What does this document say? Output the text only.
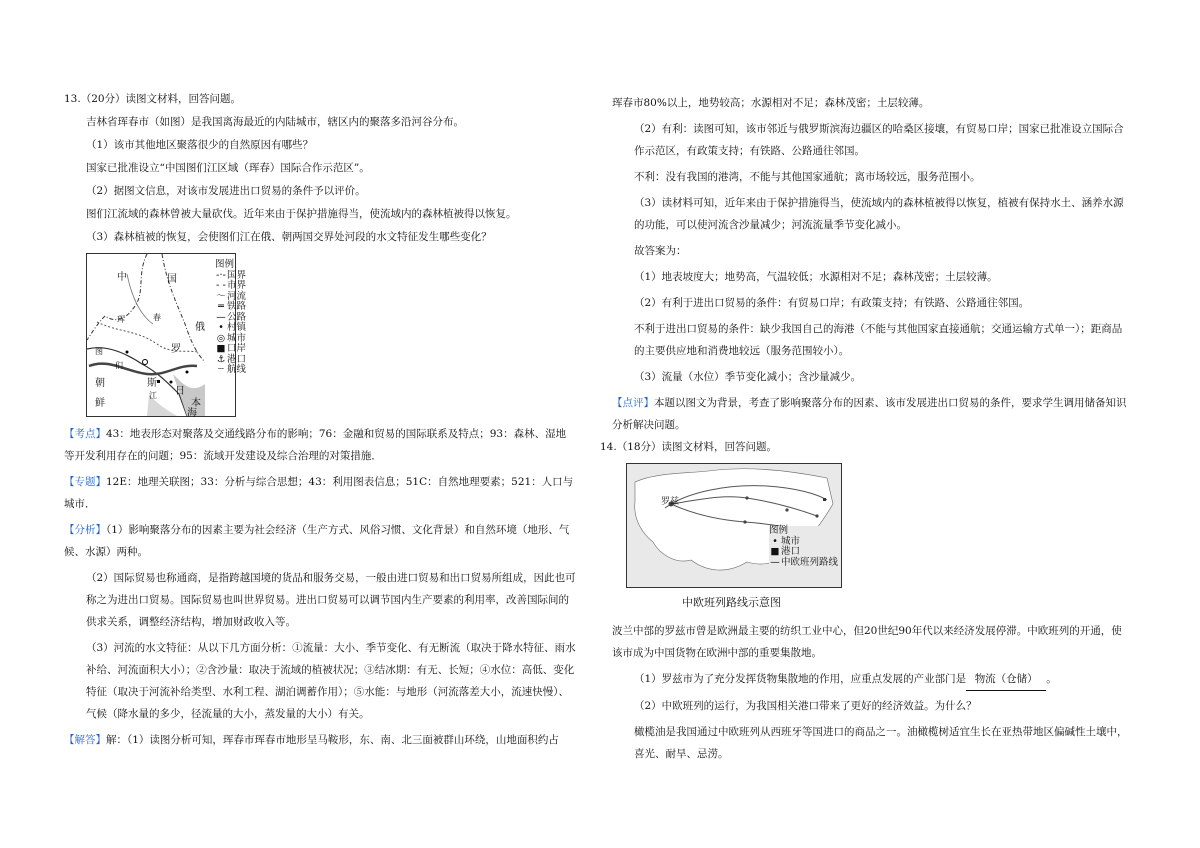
13.（20分）读图文材料，回答问题。

吉林省珲春市（如图）是我国离海最近的内陆城市，辖区内的聚落多沿河谷分布。

（1）该市其他地区聚落很少的自然原因有哪些？

国家已批准设立“中国图们江区域（珲春）国际合作示范区”。

（2）据图文信息，对该市发展进出口贸易的条件予以评价。

图们江流域的森林曾被大量砍伐。近年来由于保护措施得当，使流域内的森林植被得以恢复。

（3）森林植被的恢复，会使图们江在俄、朝两国交界处河段的水文特征发生哪些变化？

中	国
俄
罗
斯
朝
鲜
日
本
海
珲	春
图
江
们
图例
-·-国界
- -市界
～河流
═ 铁路
—公路
• 村镇
◎ 城市
■ 口岸
⚓ 港口
┄ 航线

【考点】43：地表形态对聚落及交通线路分布的影响；76：金融和贸易的国际联系及特点；93：森林、湿地等开发利用存在的问题；95：流域开发建设及综合治理的对策措施．

【专题】12E：地理关联图；33：分析与综合思想；43：利用图表信息；51C：自然地理要素；521：人口与城市．

【分析】（1）影响聚落分布的因素主要为社会经济（生产方式、风俗习惯、文化背景）和自然环境（地形、气候、水源）两种。

（2）国际贸易也称通商，是指跨越国境的货品和服务交易，一般由进口贸易和出口贸易所组成，因此也可称之为进出口贸易。国际贸易也叫世界贸易。进出口贸易可以调节国内生产要素的利用率，改善国际间的供求关系，调整经济结构，增加财政收入等。

（3）河流的水文特征：从以下几方面分析：①流量：大小、季节变化、有无断流（取决于降水特征、雨水补给、河流面积大小）；②含沙量：取决于流域的植被状况；③结冰期：有无、长短；④水位：高低、变化特征（取决于河流补给类型、水利工程、湖泊调蓄作用）；⑤水能：与地形（河流落差大小，流速快慢）、气候（降水量的多少，径流量的大小，蒸发量的大小）有关。

【解答】解：（1）读图分析可知，珲春市珲春市地形呈马鞍形，东、南、北三面被群山环绕，山地面积约占

珲春市80%以上，地势较高；水源相对不足；森林茂密；土层较薄。

（2）有利：读图可知，该市邻近与俄罗斯滨海边疆区的哈桑区接壤，有贸易口岸；国家已批准设立国际合作示范区，有政策支持；有铁路、公路通往邻国。

不利：没有我国的港湾，不能与其他国家通航；离市场较远，服务范围小。

（3）读材料可知，近年来由于保护措施得当，使流域内的森林植被得以恢复，植被有保持水土、涵养水源的功能，可以使河流含沙量减少；河流流量季节变化减小。

故答案为：

（1）地表坡度大；地势高，气温较低；水源相对不足；森林茂密；土层较薄。

（2）有利于进出口贸易的条件：有贸易口岸；有政策支持；有铁路、公路通往邻国。

不利于进出口贸易的条件：缺少我国自己的海港（不能与其他国家直接通航；交通运输方式单一）；距商品的主要供应地和消费地较远（服务范围较小）。

（3）流量（水位）季节变化减小；含沙量减少。

【点评】本题以图文为背景，考查了影响聚落分布的因素、该市发展进出口贸易的条件，要求学生调用储备知识分析解决问题。

14.（18分）读图文材料，回答问题。

罗兹
图例
• 城市
■ 港口
—中欧班列路线
中欧班列路线示意图

波兰中部的罗兹市曾是欧洲最主要的纺织工业中心，但20世纪90年代以来经济发展停滞。中欧班列的开通，使该市成为中国货物在欧洲中部的重要集散地。

（1）罗兹市为了充分发挥货物集散地的作用，应重点发展的产业部门是 物流（仓储） 。

（2）中欧班列的运行，为我国相关港口带来了更好的经济效益。为什么？

橄榄油是我国通过中欧班列从西班牙等国进口的商品之一。油橄榄树适宜生长在亚热带地区偏碱性土壤中，喜光、耐旱、忌涝。
